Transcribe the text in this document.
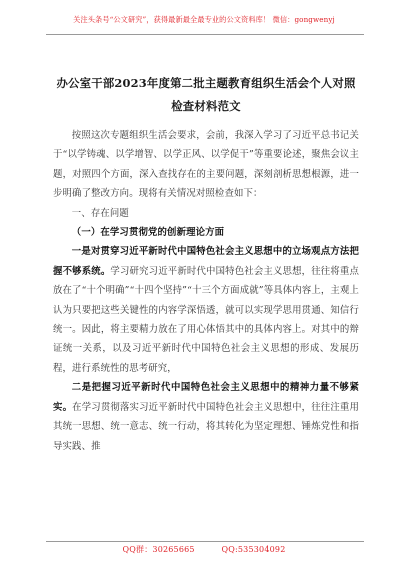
关注头条号“公文研究”，获得最新最全最专业的公文资料库！ 微信：gongwenyj
办公室干部2023年度第二批主题教育组织生活会个人对照检查材料范文

按照这次专题组织生活会要求，会前，我深入学习了习近平总书记关于“以学铸魂、以学增智、以学正风、以学促干”等重要论述，聚焦会议主题，对照四个方面，深入查找存在的主要问题，深刻剖析思想根源，进一步明确了整改方向。现将有关情况对照检查如下：

一、存在问题

（一）在学习贯彻党的创新理论方面

一是对贯穿习近平新时代中国特色社会主义思想中的立场观点方法把握不够系统。学习研究习近平新时代中国特色社会主义思想，往往将重点放在了“十个明确”“十四个坚持”“十三个方面成就”等具体内容上，主观上认为只要把这些关键性的内容学深悟透，就可以实现学思用贯通、知信行统一。因此，将主要精力放在了用心体悟其中的具体内容上。对其中的辩证统一关系，以及习近平新时代中国特色社会主义思想的形成、发展历程，进行系统性的思考研究，

二是把握习近平新时代中国特色社会主义思想中的精神力量不够紧实。在学习贯彻落实习近平新时代中国特色社会主义思想中，往往注重用其统一思想、统一意志、统一行动，将其转化为坚定理想、锤炼党性和指导实践、推

QQ群：30265665	QQ:535304092
